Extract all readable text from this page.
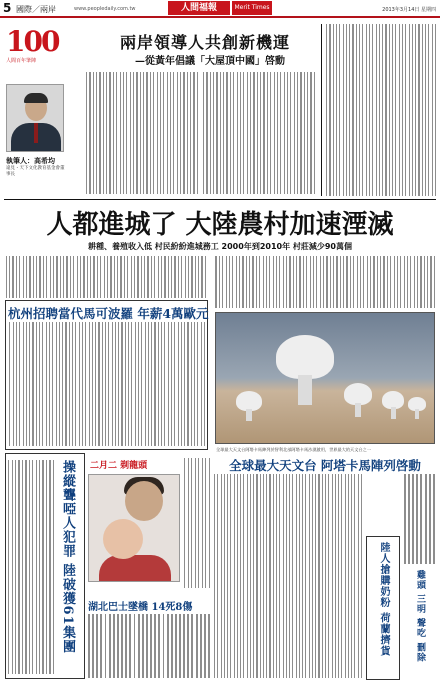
5 國際／兩岸	www.peopledaily.com.tw	人間福報	Merit Times	2013年3月14日 星期四
100
人間百年筆陣
執筆人：高希均
遠見・天下文化教育基金會董事長
兩岸領導人共創新機運
—從黃年倡議「大屋頂中國」啓動
人都進城了 大陸農村加速湮滅
耕種、養殖收入低 村民紛紛進城務工 2000年到2010年 村莊減少90萬個
杭州招聘當代馬可波羅 年薪4萬歐元
全球最大天文台阿塔卡馬陣列於智利北部阿塔卡馬沙漠啟用，世界最大的天文台之一
全球最大天文台 阿塔卡馬陣列啓動
操縱聾啞人犯罪 陸破獲61集團 二月二 剃龍頭
湖北巴士墜橋 14死8傷	陸人搶購奶粉 荷蘭擠貨	雞頭 三明 聲吃 刪除
